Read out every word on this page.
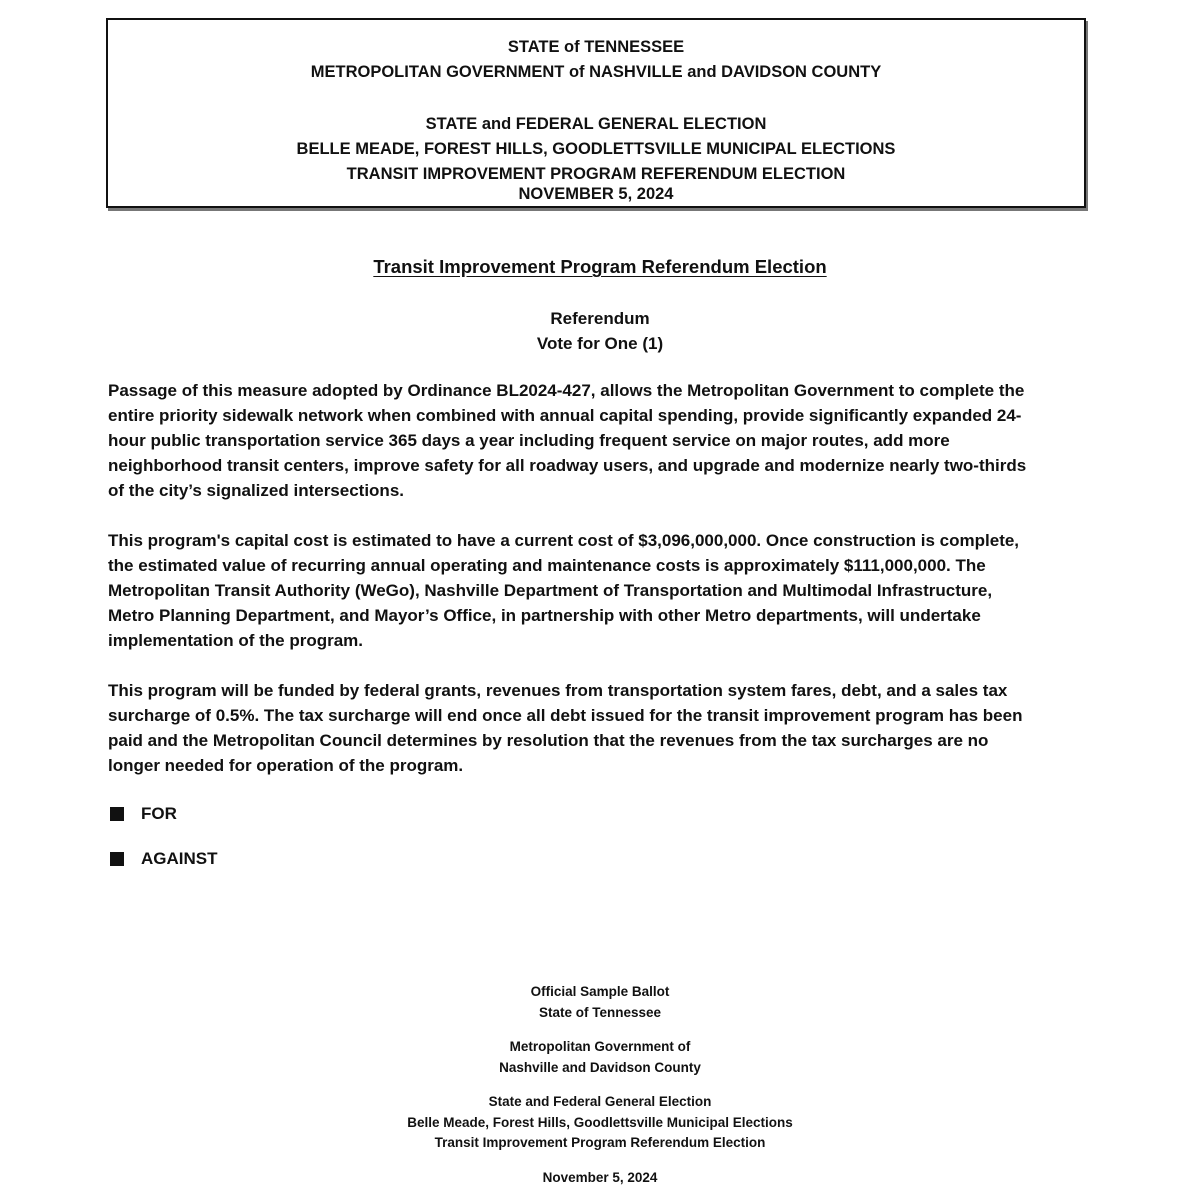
STATE of TENNESSEE
METROPOLITAN GOVERNMENT of NASHVILLE and DAVIDSON COUNTY
STATE and FEDERAL GENERAL ELECTION
BELLE MEADE, FOREST HILLS, GOODLETTSVILLE MUNICIPAL ELECTIONS
TRANSIT IMPROVEMENT PROGRAM REFERENDUM ELECTION
NOVEMBER 5, 2024
Transit Improvement Program Referendum Election
Referendum
Vote for One (1)

Passage of this measure adopted by Ordinance BL2024-427, allows the Metropolitan Government to complete the
entire priority sidewalk network when combined with annual capital spending, provide significantly expanded 24-
hour public transportation service 365 days a year including frequent service on major routes, add more
neighborhood transit centers, improve safety for all roadway users, and upgrade and modernize nearly two-thirds
of the city’s signalized intersections.

This program's capital cost is estimated to have a current cost of $3,096,000,000. Once construction is complete,
the estimated value of recurring annual operating and maintenance costs is approximately $111,000,000. The
Metropolitan Transit Authority (WeGo), Nashville Department of Transportation and Multimodal Infrastructure,
Metro Planning Department, and Mayor’s Office, in partnership with other Metro departments, will undertake
implementation of the program.

This program will be funded by federal grants, revenues from transportation system fares, debt, and a sales tax
surcharge of 0.5%. The tax surcharge will end once all debt issued for the transit improvement program has been
paid and the Metropolitan Council determines by resolution that the revenues from the tax surcharges are no
longer needed for operation of the program.

FOR
AGAINST
Official Sample Ballot
State of Tennessee
Metropolitan Government of
Nashville and Davidson County
State and Federal General Election
Belle Meade, Forest Hills, Goodlettsville Municipal Elections
Transit Improvement Program Referendum Election
November 5, 2024
